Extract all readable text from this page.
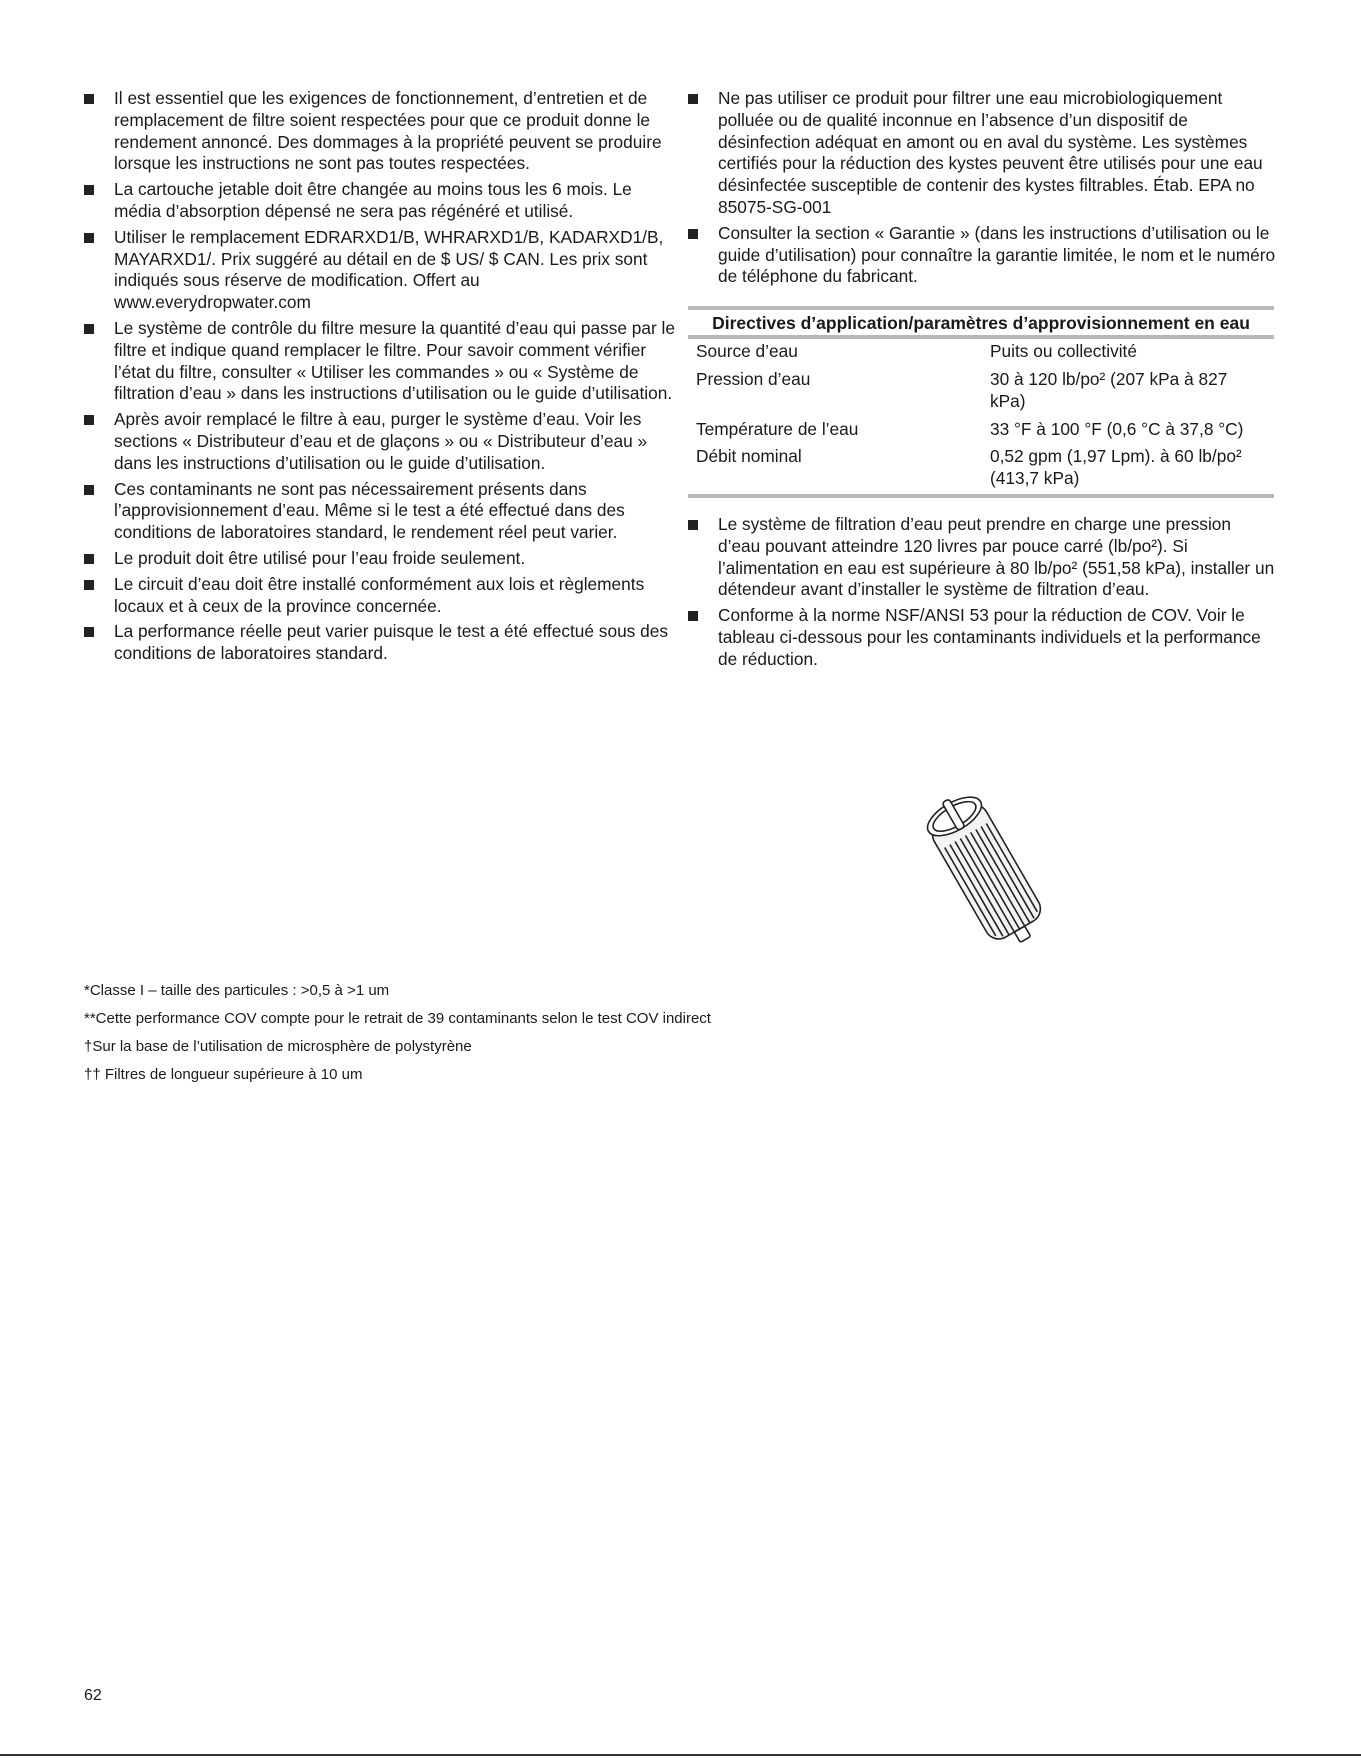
Il est essentiel que les exigences de fonctionnement, d’entretien et de remplacement de filtre soient respectées pour que ce produit donne le rendement annoncé. Des dommages à la propriété peuvent se produire lorsque les instructions ne sont pas toutes respectées.
La cartouche jetable doit être changée au moins tous les 6 mois. Le média d’absorption dépensé ne sera pas régénéré et utilisé.
Utiliser le remplacement EDRARXD1/B, WHRARXD1/B, KADARXD1/B, MAYARXD1/. Prix suggéré au détail en de $ US/ $ CAN. Les prix sont indiqués sous réserve de modification. Offert au www.everydropwater.com
Le système de contrôle du filtre mesure la quantité d’eau qui passe par le filtre et indique quand remplacer le filtre. Pour savoir comment vérifier l’état du filtre, consulter « Utiliser les commandes » ou « Système de filtration d’eau » dans les instructions d’utilisation ou le guide d’utilisation.
Après avoir remplacé le filtre à eau, purger le système d’eau. Voir les sections « Distributeur d’eau et de glaçons » ou « Distributeur d’eau » dans les instructions d’utilisation ou le guide d’utilisation.
Ces contaminants ne sont pas nécessairement présents dans l’approvisionnement d’eau. Même si le test a été effectué dans des conditions de laboratoires standard, le rendement réel peut varier.
Le produit doit être utilisé pour l’eau froide seulement.
Le circuit d’eau doit être installé conformément aux lois et règlements locaux et à ceux de la province concernée.
La performance réelle peut varier puisque le test a été effectué sous des conditions de laboratoires standard.
Ne pas utiliser ce produit pour filtrer une eau microbiologiquement polluée ou de qualité inconnue en l’absence d’un dispositif de désinfection adéquat en amont ou en aval du système. Les systèmes certifiés pour la réduction des kystes peuvent être utilisés pour une eau désinfectée susceptible de contenir des kystes filtrables. Étab. EPA no 85075-SG-001
Consulter la section « Garantie » (dans les instructions d’utilisation ou le guide d’utilisation) pour connaître la garantie limitée, le nom et le numéro de téléphone du fabricant.
Directives d’application/paramètres d’approvisionnement en eau
Source d’eau	Puits ou collectivité
Pression d’eau	30 à 120 lb/po² (207 kPa à 827 kPa)
Température de l’eau	33 °F à 100 °F (0,6 °C à 37,8 °C)
Débit nominal	0,52 gpm (1,97 Lpm). à 60 lb/po² (413,7 kPa)
Le système de filtration d’eau peut prendre en charge une pression d’eau pouvant atteindre 120 livres par pouce carré (lb/po²). Si l’alimentation en eau est supérieure à 80 lb/po² (551,58 kPa), installer un détendeur avant d’installer le système de filtration d’eau.
Conforme à la norme NSF/ANSI 53 pour la réduction de COV. Voir le tableau ci-dessous pour les contaminants individuels et la performance de réduction.
*Classe I – taille des particules : >0,5 à >1 um
**Cette performance COV compte pour le retrait de 39 contaminants selon le test COV indirect
†Sur la base de l’utilisation de microsphère de polystyrène
†† Filtres de longueur supérieure à 10 um
62
